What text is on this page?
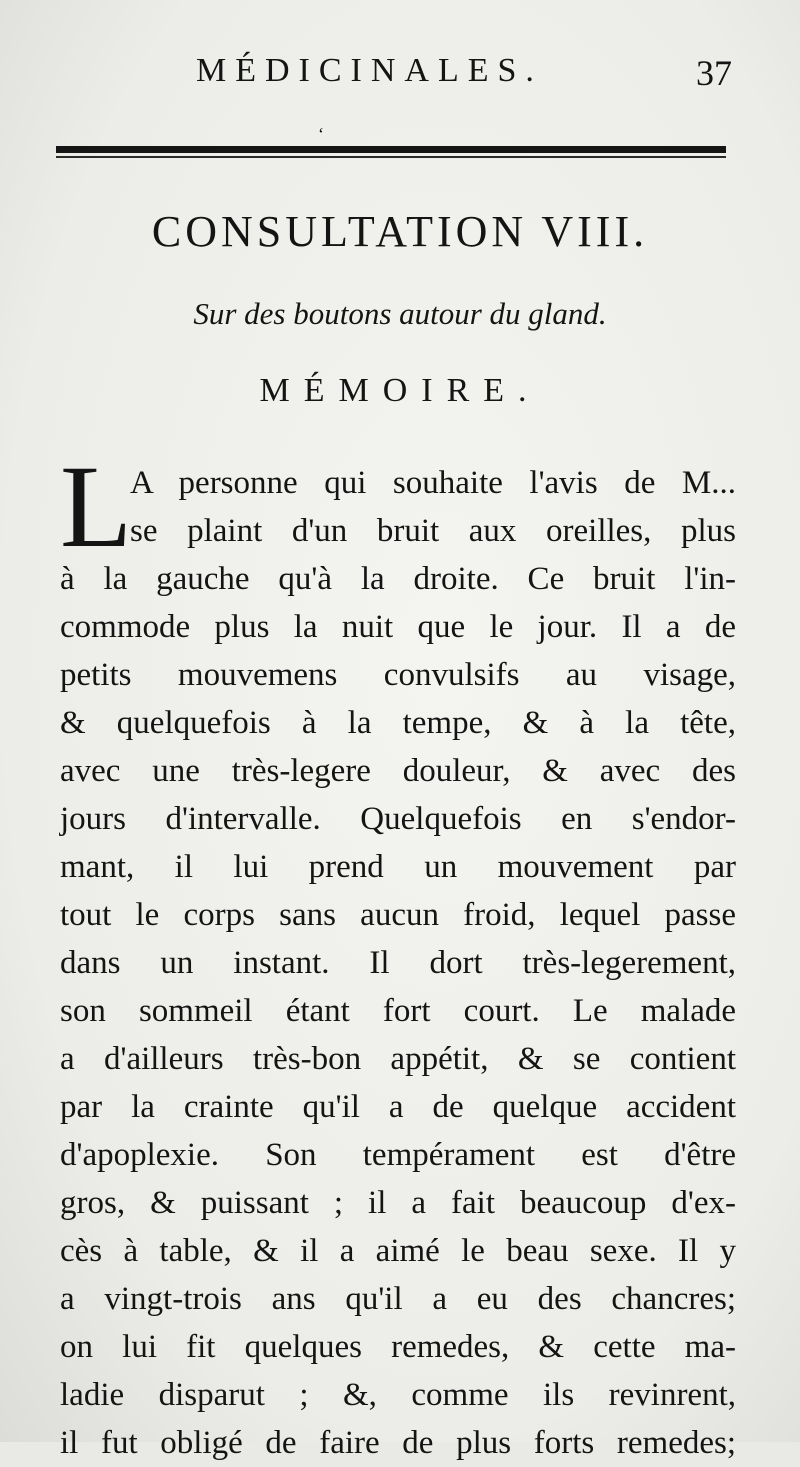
MÉDICINALES.	37
‘
CONSULTATION VIII.
Sur des boutons autour du gland.
MÉMOIRE.
L
A personne qui souhaite l'avis de M...
se plaint d'un bruit aux oreilles, plus
à la gauche qu'à la droite. Ce bruit l'in-
commode plus la nuit que le jour. Il a de
petits mouvemens convulsifs au visage,
& quelquefois à la tempe, & à la tête,
avec une très-legere douleur, & avec des
jours d'intervalle. Quelquefois en s'endor-
mant, il lui prend un mouvement par
tout le corps sans aucun froid, lequel passe
dans un instant. Il dort très-legerement,
son sommeil étant fort court. Le malade
a d'ailleurs très-bon appétit, & se contient
par la crainte qu'il a de quelque accident
d'apoplexie. Son tempérament est d'être
gros, & puissant ; il a fait beaucoup d'ex-
cès à table, & il a aimé le beau sexe. Il y
a vingt-trois ans qu'il a eu des chancres;
on lui fit quelques remedes, & cette ma-
ladie disparut ; &, comme ils revinrent,
il fut obligé de faire de plus forts remedes;
